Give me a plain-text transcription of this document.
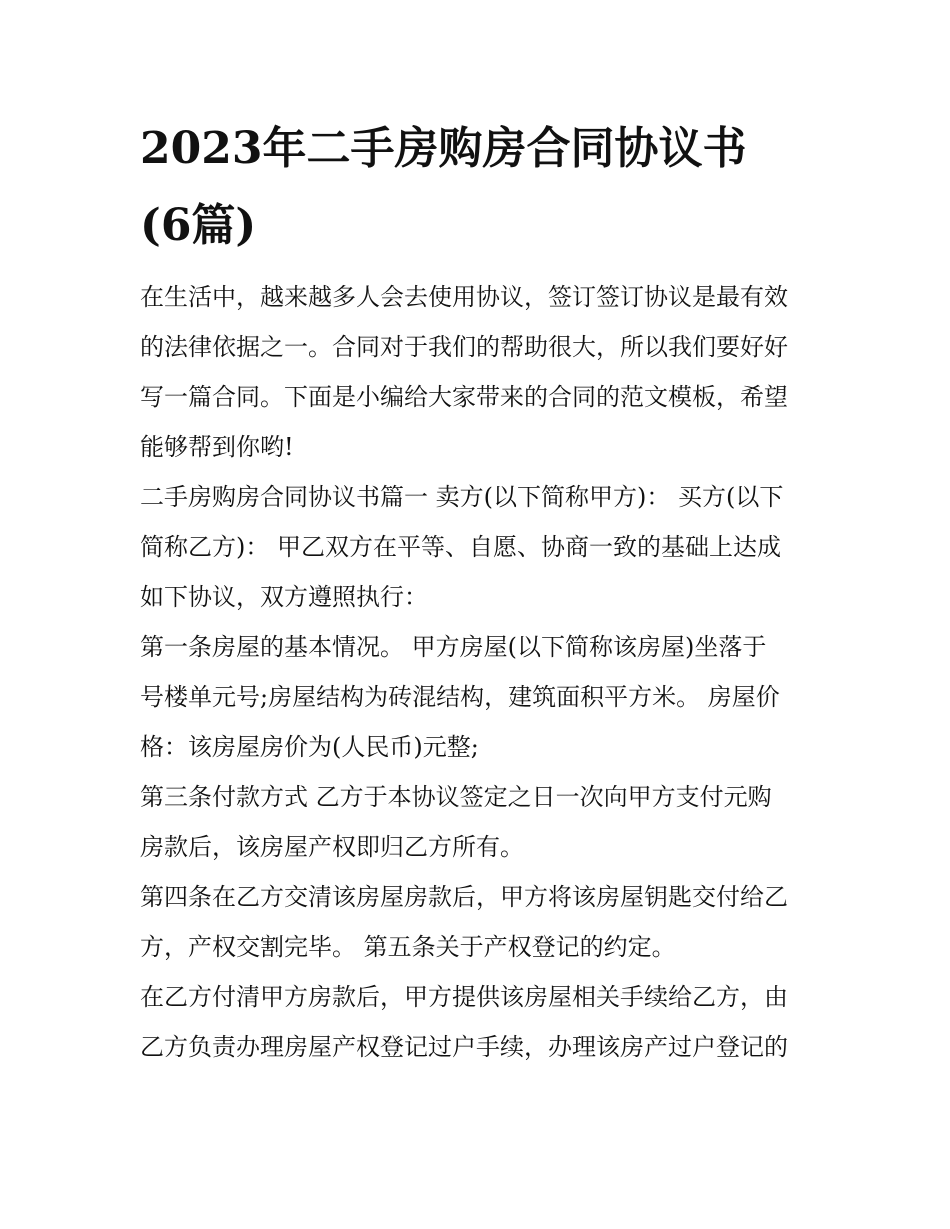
2023年二手房购房合同协议书
(6篇)

在生活中，越来越多人会去使用协议，签订签订协议是最有效
的法律依据之一。合同对于我们的帮助很大，所以我们要好好
写一篇合同。下面是小编给大家带来的合同的范文模板，希望
能够帮到你哟!

二手房购房合同协议书篇一 卖方(以下简称甲方)： 买方(以下
简称乙方)： 甲乙双方在平等、自愿、协商一致的基础上达成
如下协议，双方遵照执行：

第一条房屋的基本情况。 甲方房屋(以下简称该房屋)坐落于
号楼单元号;房屋结构为砖混结构，建筑面积平方米。 房屋价
格：该房屋房价为(人民币)元整;

第三条付款方式 乙方于本协议签定之日一次向甲方支付元购
房款后，该房屋产权即归乙方所有。

第四条在乙方交清该房屋房款后，甲方将该房屋钥匙交付给乙
方，产权交割完毕。 第五条关于产权登记的约定。

在乙方付清甲方房款后，甲方提供该房屋相关手续给乙方，由
乙方负责办理房屋产权登记过户手续，办理该房产过户登记的
